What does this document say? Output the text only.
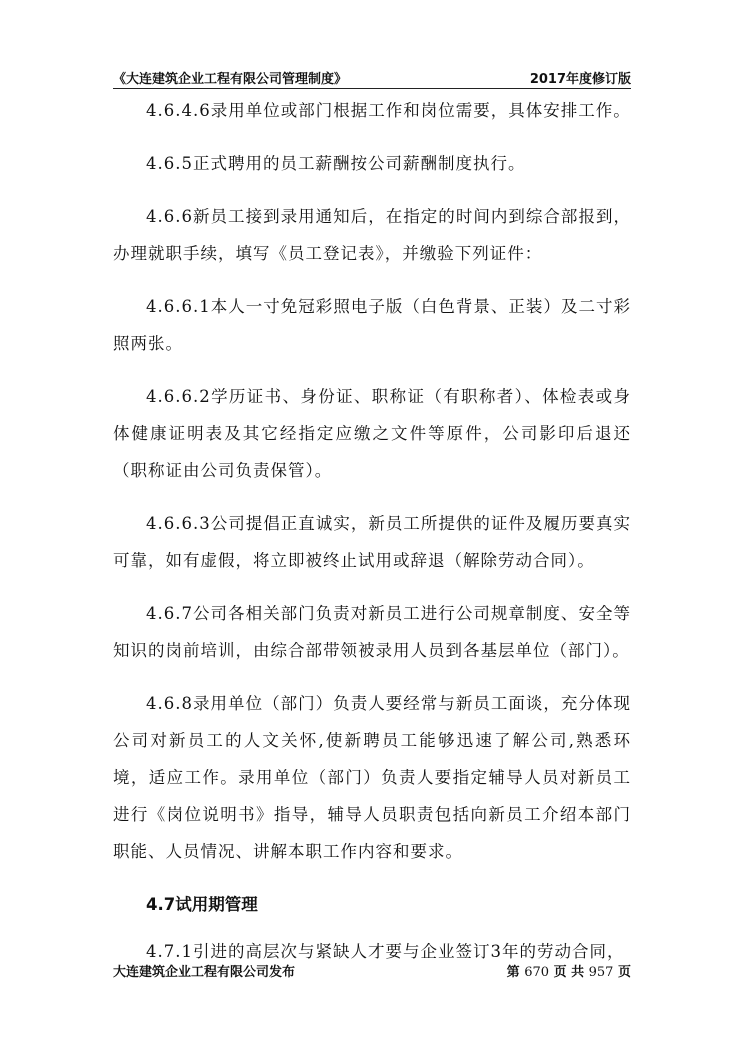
《大连建筑企业工程有限公司管理制度》	2017年度修订版

4.6.4.6录用单位或部门根据工作和岗位需要，具体安排工作。

4.6.5正式聘用的员工薪酬按公司薪酬制度执行。

4.6.6新员工接到录用通知后，在指定的时间内到综合部报到，办理就职手续，填写《员工登记表》，并缴验下列证件：

4.6.6.1本人一寸免冠彩照电子版（白色背景、正装）及二寸彩照两张。

4.6.6.2学历证书、身份证、职称证（有职称者）、体检表或身体健康证明表及其它经指定应缴之文件等原件，公司影印后退还（职称证由公司负责保管）。

4.6.6.3公司提倡正直诚实，新员工所提供的证件及履历要真实可靠，如有虚假，将立即被终止试用或辞退（解除劳动合同）。

4.6.7公司各相关部门负责对新员工进行公司规章制度、安全等知识的岗前培训，由综合部带领被录用人员到各基层单位（部门）。

4.6.8录用单位（部门）负责人要经常与新员工面谈，充分体现公司对新员工的人文关怀,使新聘员工能够迅速了解公司,熟悉环境，适应工作。录用单位（部门）负责人要指定辅导人员对新员工进行《岗位说明书》指导，辅导人员职责包括向新员工介绍本部门职能、人员情况、讲解本职工作内容和要求。

4.7试用期管理

4.7.1引进的高层次与紧缺人才要与企业签订3年的劳动合同，

大连建筑企业工程有限公司发布	第 670 页 共 957 页
